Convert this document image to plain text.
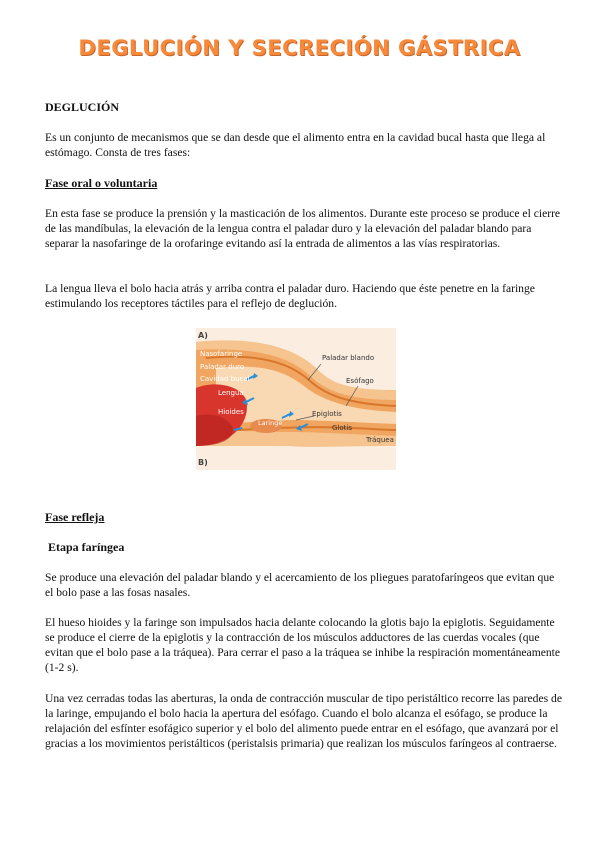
DEGLUCIÓN Y SECRECIÓN GÁSTRICA

DEGLUCIÓN

Es un conjunto de mecanismos que se dan desde que el alimento entra en la cavidad bucal hasta que llega al estómago. Consta de tres fases:

Fase oral o voluntaria

En esta fase se produce la prensión y la masticación de los alimentos. Durante este proceso se produce el cierre de las mandíbulas, la elevación de la lengua contra el paladar duro y la elevación del paladar blando para separar la nasofaringe de la orofaringe evitando así la entrada de alimentos a las vías respiratorias.

La lengua lleva el bolo hacia atrás y arriba contra el paladar duro. Haciendo que éste penetre en la faringe estimulando los receptores táctiles para el reflejo de deglución.

A)
B)
Nasofaringe
Paladar duro
Cavidad bucal
Lengua
Hioides
Laringe
Paladar blando
Esófago
Epiglotis
Glotis
Tráquea

Fase refleja

Etapa faríngea

Se produce una elevación del paladar blando y el acercamiento de los pliegues paratofaríngeos que evitan que el bolo pase a las fosas nasales.

El hueso hioides y la faringe son impulsados hacia delante colocando la glotis bajo la epiglotis. Seguidamente se produce el cierre de la epiglotis y la contracción de los músculos adductores de las cuerdas vocales (que evitan que el bolo pase a la tráquea). Para cerrar el paso a la tráquea se inhibe la respiración momentáneamente (1-2 s).

Una vez cerradas todas las aberturas, la onda de contracción muscular de tipo peristáltico recorre las paredes de la laringe, empujando el bolo hacia la apertura del esófago. Cuando el bolo alcanza el esófago, se produce la relajación del esfínter esofágico superior y el bolo del alimento puede entrar en el esófago, que avanzará por el gracias a los movimientos peristálticos (peristalsis primaria) que realizan los músculos faríngeos al contraerse.
